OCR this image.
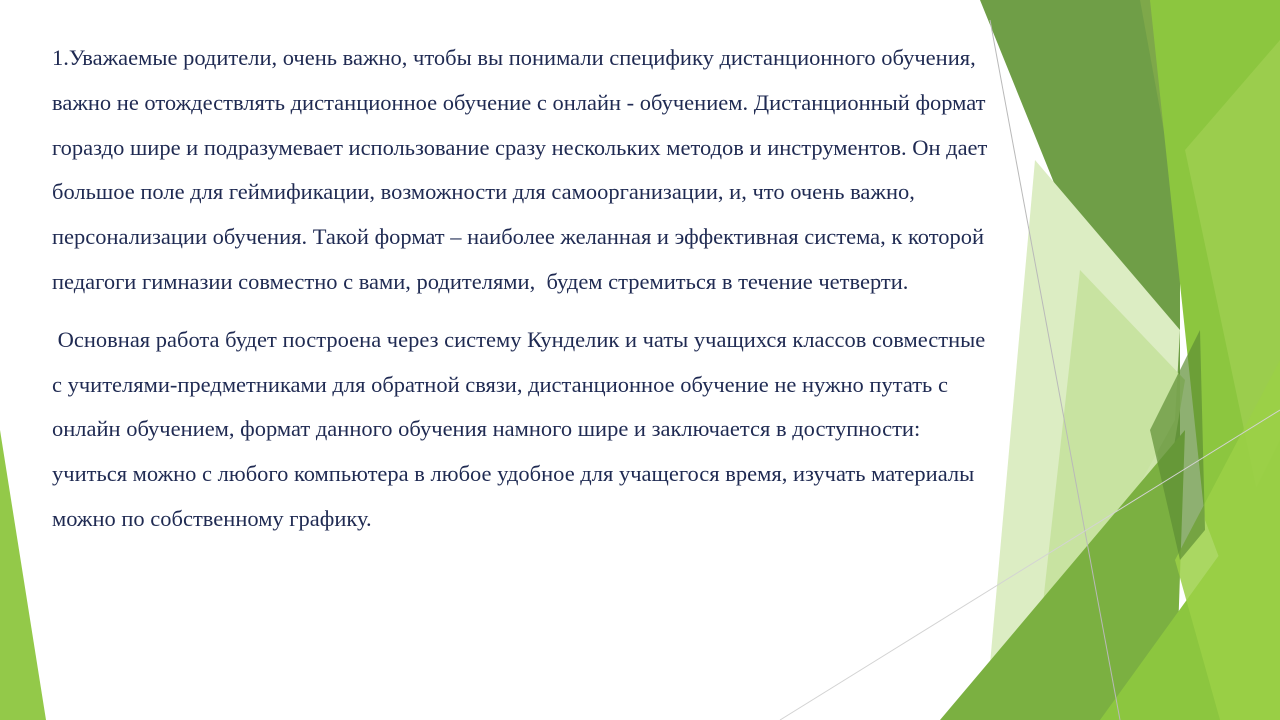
1.Уважаемые родители, очень важно, чтобы вы понимали специфику дистанционного обучения, важно не отождествлять дистанционное обучение с онлайн - обучением. Дистанционный формат гораздо шире и подразумевает использование сразу нескольких методов и инструментов. Он дает большое поле для геймификации, возможности для самоорганизации, и, что очень важно, персонализации обучения. Такой формат – наиболее желанная и эффективная система, к которой педагоги гимназии совместно с вами, родителями,  будем стремиться в течение четверти.

Основная работа будет построена через систему Кунделик и чаты учащихся классов совместные с учителями-предметниками для обратной связи, дистанционное обучение не нужно путать с  онлайн обучением, формат данного обучения намного шире и заключается в доступности:  учиться можно с любого компьютера в любое удобное для учащегося время, изучать материалы можно по собственному графику.
